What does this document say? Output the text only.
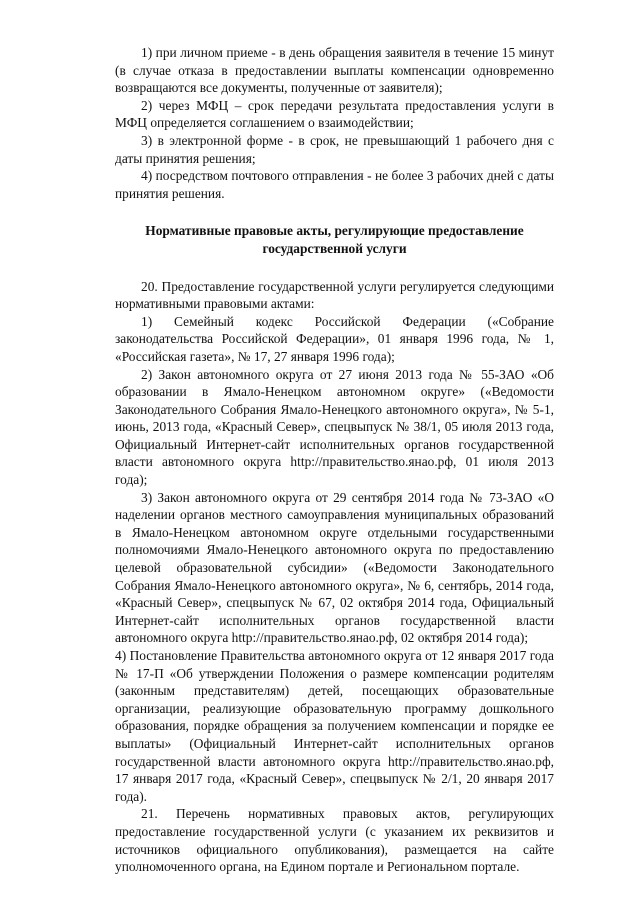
1) при личном приеме - в день обращения заявителя в течение 15 минут (в случае отказа в предоставлении выплаты компенсации одновременно возвращаются все документы, полученные от заявителя);

2) через МФЦ – срок передачи результата предоставления услуги в МФЦ определяется соглашением о взаимодействии;

3) в электронной форме - в срок, не превышающий 1 рабочего дня с даты принятия решения;

4) посредством почтового отправления - не более 3 рабочих дней с даты принятия решения.

Нормативные правовые акты, регулирующие предоставление
государственной услуги

20. Предоставление государственной услуги регулируется следующими нормативными правовыми актами:

1) Семейный кодекс Российской Федерации («Собрание законодательства Российской Федерации», 01 января 1996 года, № 1, «Российская газета», № 17, 27 января 1996 года);

2) Закон автономного округа от 27 июня 2013 года № 55-ЗАО «Об образовании в Ямало-Ненецком автономном округе» («Ведомости Законодательного Собрания Ямало-Ненецкого автономного округа», № 5-1, июнь, 2013 года, «Красный Север», спецвыпуск № 38/1, 05 июля 2013 года, Официальный Интернет-сайт исполнительных органов государственной власти автономного округа http://правительство.янао.рф, 01 июля 2013 года);

3) Закон автономного округа от 29 сентября 2014 года № 73-ЗАО «О наделении органов местного самоуправления муниципальных образований в Ямало-Ненецком автономном округе отдельными государственными полномочиями Ямало-Ненецкого автономного округа по предоставлению целевой образовательной субсидии» («Ведомости Законодательного Собрания Ямало-Ненецкого автономного округа», № 6, сентябрь, 2014 года, «Красный Север», спецвыпуск № 67, 02 октября 2014 года, Официальный Интернет-сайт исполнительных органов государственной власти автономного округа http://правительство.янао.рф, 02 октября 2014 года);

4) Постановление Правительства автономного округа от 12 января 2017 года № 17-П «Об утверждении Положения о размере компенсации родителям (законным представителям) детей, посещающих образовательные организации, реализующие образовательную программу дошкольного образования, порядке обращения за получением компенсации и порядке ее выплаты» (Официальный Интернет-сайт исполнительных органов государственной власти автономного округа http://правительство.янао.рф, 17 января 2017 года, «Красный Север», спецвыпуск № 2/1, 20 января 2017 года).

21. Перечень нормативных правовых актов, регулирующих предоставление государственной услуги (с указанием их реквизитов и источников официального опубликования), размещается на сайте уполномоченного органа, на Едином портале и Региональном портале.
